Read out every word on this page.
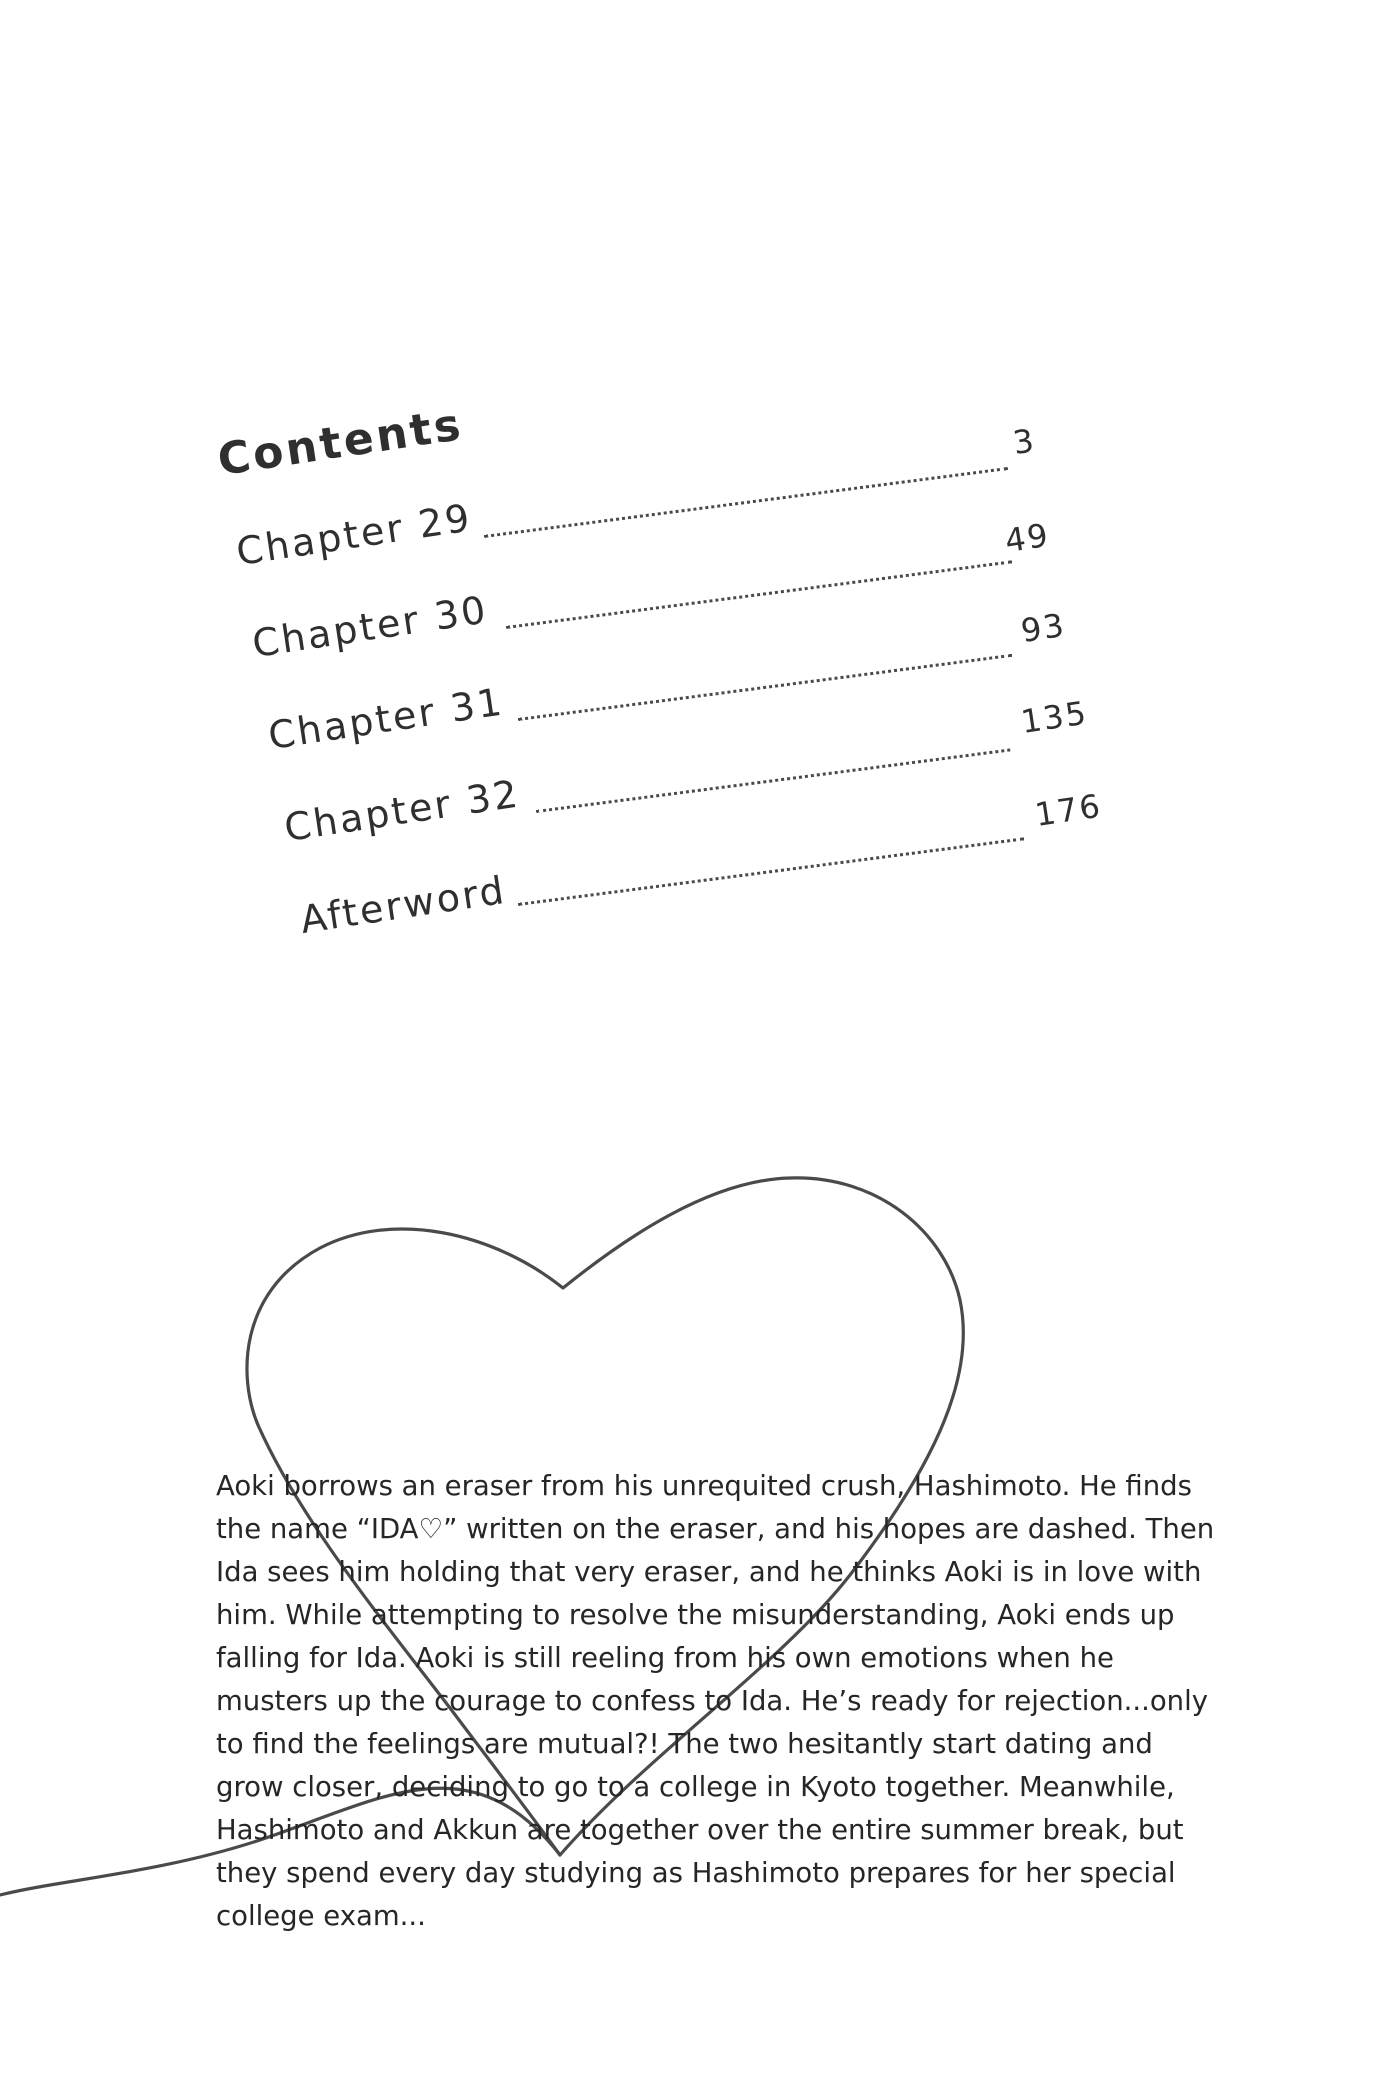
Contents
Chapter 29
Chapter 30
Chapter 31
Chapter 32
Afterword
3
49
93
135
176

Aoki borrows an eraser from his unrequited crush, Hashimoto. He finds the name “IDA♡” written on the eraser, and his hopes are dashed. Then Ida sees him holding that very eraser, and he thinks Aoki is in love with him. While attempting to resolve the misunderstanding, Aoki ends up falling for Ida. Aoki is still reeling from his own emotions when he musters up the courage to confess to Ida. He’s ready for rejection...only to find the feelings are mutual?! The two hesitantly start dating and grow closer, deciding to go to a college in Kyoto together. Meanwhile, Hashimoto and Akkun are together over the entire summer break, but they spend every day studying as Hashimoto prepares for her special college exam...
